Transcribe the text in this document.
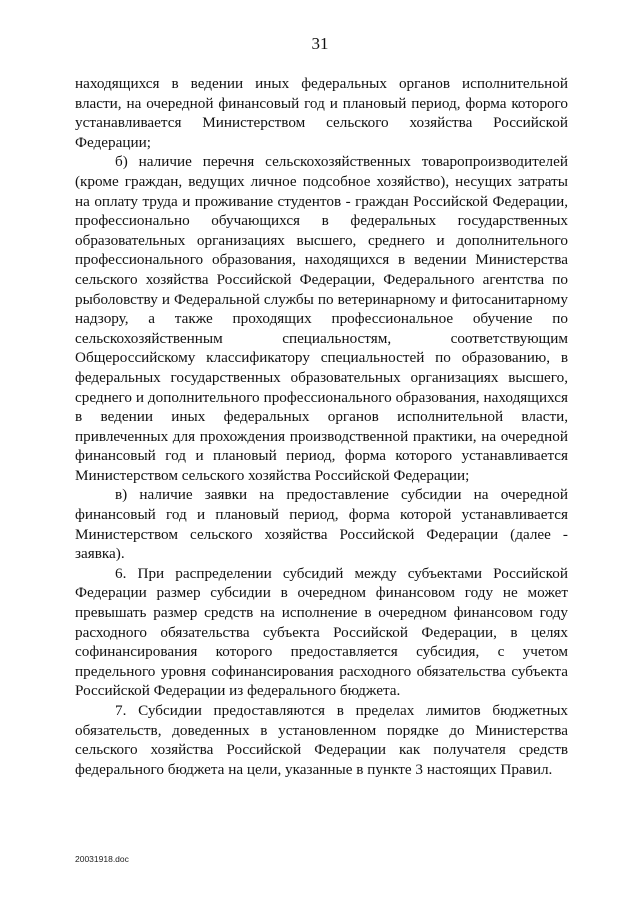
31

находящихся в ведении иных федеральных органов исполнительной власти, на очередной финансовый год и плановый период, форма которого устанавливается Министерством сельского хозяйства Российской Федерации;

б) наличие перечня сельскохозяйственных товаропроизводителей (кроме граждан, ведущих личное подсобное хозяйство), несущих затраты на оплату труда и проживание студентов - граждан Российской Федерации, профессионально обучающихся в федеральных государственных образовательных организациях высшего, среднего и дополнительного профессионального образования, находящихся в ведении Министерства сельского хозяйства Российской Федерации, Федерального агентства по рыболовству и Федеральной службы по ветеринарному и фитосанитарному надзору, а также проходящих профессиональное обучение по сельскохозяйственным специальностям, соответствующим Общероссийскому классификатору специальностей по образованию, в федеральных государственных образовательных организациях высшего, среднего и дополнительного профессионального образования, находящихся в ведении иных федеральных органов исполнительной власти, привлеченных для прохождения производственной практики, на очередной финансовый год и плановый период, форма которого устанавливается Министерством сельского хозяйства Российской Федерации;

в) наличие заявки на предоставление субсидии на очередной финансовый год и плановый период, форма которой устанавливается Министерством сельского хозяйства Российской Федерации (далее - заявка).

6. При распределении субсидий между субъектами Российской Федерации размер субсидии в очередном финансовом году не может превышать размер средств на исполнение в очередном финансовом году расходного обязательства субъекта Российской Федерации, в целях софинансирования которого предоставляется субсидия, с учетом предельного уровня софинансирования расходного обязательства субъекта Российской Федерации из федерального бюджета.

7. Субсидии предоставляются в пределах лимитов бюджетных обязательств, доведенных в установленном порядке до Министерства сельского хозяйства Российской Федерации как получателя средств федерального бюджета на цели, указанные в пункте 3 настоящих Правил.

20031918.doc
